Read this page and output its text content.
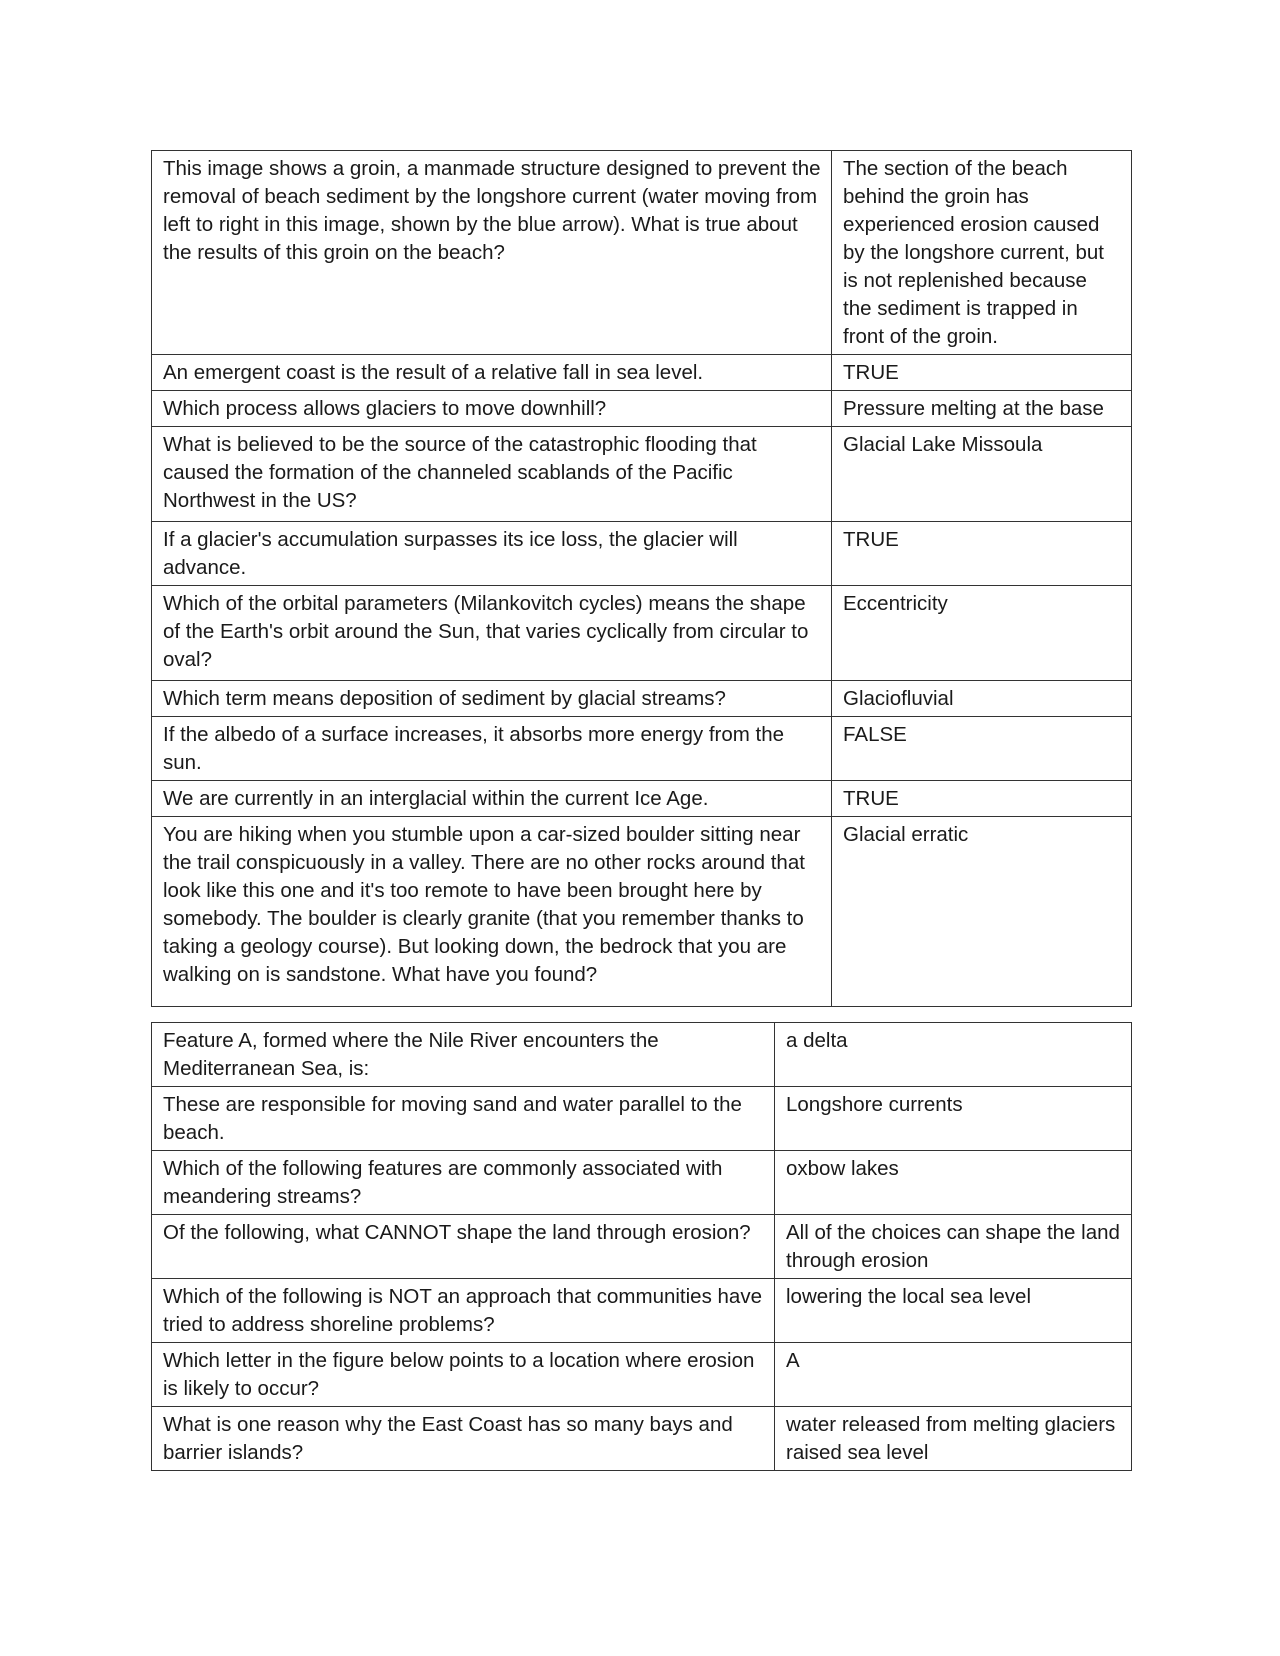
This image shows a groin, a manmade structure designed to prevent the removal of beach sediment by the longshore current (water moving from left to right in this image, shown by the blue arrow). What is true about the results of this groin on the beach?	The section of the beach behind the groin has experienced erosion caused by the longshore current, but is not replenished because the sediment is trapped in front of the groin.
An emergent coast is the result of a relative fall in sea level.	TRUE
Which process allows glaciers to move downhill?	Pressure melting at the base
What is believed to be the source of the catastrophic flooding that caused the formation of the channeled scablands of the Pacific Northwest in the US?	Glacial Lake Missoula
If a glacier's accumulation surpasses its ice loss, the glacier will advance.	TRUE
Which of the orbital parameters (Milankovitch cycles) means the shape of the Earth's orbit around the Sun, that varies cyclically from circular to oval?	Eccentricity
Which term means deposition of sediment by glacial streams?	Glaciofluvial
If the albedo of a surface increases, it absorbs more energy from the sun.	FALSE
We are currently in an interglacial within the current Ice Age.	TRUE
You are hiking when you stumble upon a car-sized boulder sitting near the trail conspicuously in a valley. There are no other rocks around that look like this one and it's too remote to have been brought here by somebody. The boulder is clearly granite (that you remember thanks to taking a geology course). But looking down, the bedrock that you are walking on is sandstone. What have you found?	Glacial erratic
Feature A, formed where the Nile River encounters the Mediterranean Sea, is:	a delta
These are responsible for moving sand and water parallel to the beach.	Longshore currents
Which of the following features are commonly associated with meandering streams?	oxbow lakes
Of the following, what CANNOT shape the land through erosion?	All of the choices can shape the land through erosion
Which of the following is NOT an approach that communities have tried to address shoreline problems?	lowering the local sea level
Which letter in the figure below points to a location where erosion is likely to occur?	A
What is one reason why the East Coast has so many bays and barrier islands?	water released from melting glaciers raised sea level
